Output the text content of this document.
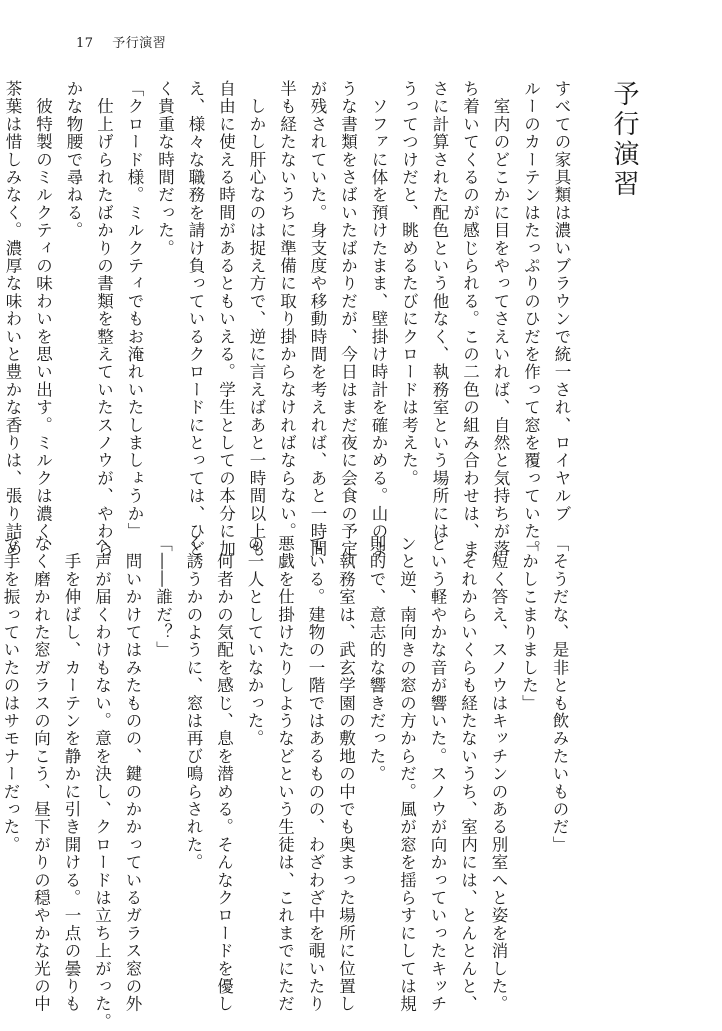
17 予行演習
予行演習
すべての家具類は濃いブラウンで統一され、ロイヤルブ
ルーのカーテンはたっぷりのひだを作って窓を覆っていた。
　室内のどこかに目をやってさえいれば、自然と気持ちが落
ち着いてくるのが感じられる。この二色の組み合わせは、ま
さに計算された配色という他なく、執務室という場所には
うってつけだと、眺めるたびにクロードは考えた。
　ソファに体を預けたまま、壁掛け時計を確かめる。山のよ
うな書類をさばいたばかりだが、今日はまだ夜に会食の予定
が残されていた。身支度や移動時間を考えれば、あと一時間
半も経たないうちに準備に取り掛からなければならない。
　しかし肝心なのは捉え方で、逆に言えばあと一時間以上も
自由に使える時間があるともいえる。学生としての本分に加
え、様々な職務を請け負っているクロードにとっては、ひど
く貴重な時間だった。
「クロード様。ミルクティでもお淹れいたしましょうか」
　仕上げられたばかりの書類を整えていたスノウが、やわら
かな物腰で尋ねる。
　彼特製のミルクティの味わいを思い出す。ミルクは濃く、
茶葉は惜しみなく。濃厚な味わいと豊かな香りは、張り詰め
「そうだな、是非とも飲みたいものだ」
「かしこまりました」
　短く答え、スノウはキッチンのある別室へと姿を消した。
　それからいくらも経たないうち、室内には、とんとんと、
という軽やかな音が響いた。スノウが向かっていったキッチ
ンと逆、南向きの窓の方からだ。風が窓を揺らすにしては規
則的で、意志的な響きだった。
　執務室は、武玄学園の敷地の中でも奥まった場所に位置し
ている。建物の一階ではあるものの、わざわざ中を覗いたり
悪戯を仕掛けたりしようなどという生徒は、これまでにただ
の一人としていなかった。
　何者かの気配を感じ、息を潜める。そんなクロードを優し
く誘うかのように、窓は再び鳴らされた。
「――誰だ？」
　問いかけてはみたものの、鍵のかかっているガラス窓の外
へ声が届くわけもない。意を決し、クロードは立ち上がった。
　手を伸ばし、カーテンを静かに引き開ける。一点の曇りも
なく磨かれた窓ガラスの向こう、昼下がりの穏やかな光の中
で手を振っていたのはサモナーだった。
